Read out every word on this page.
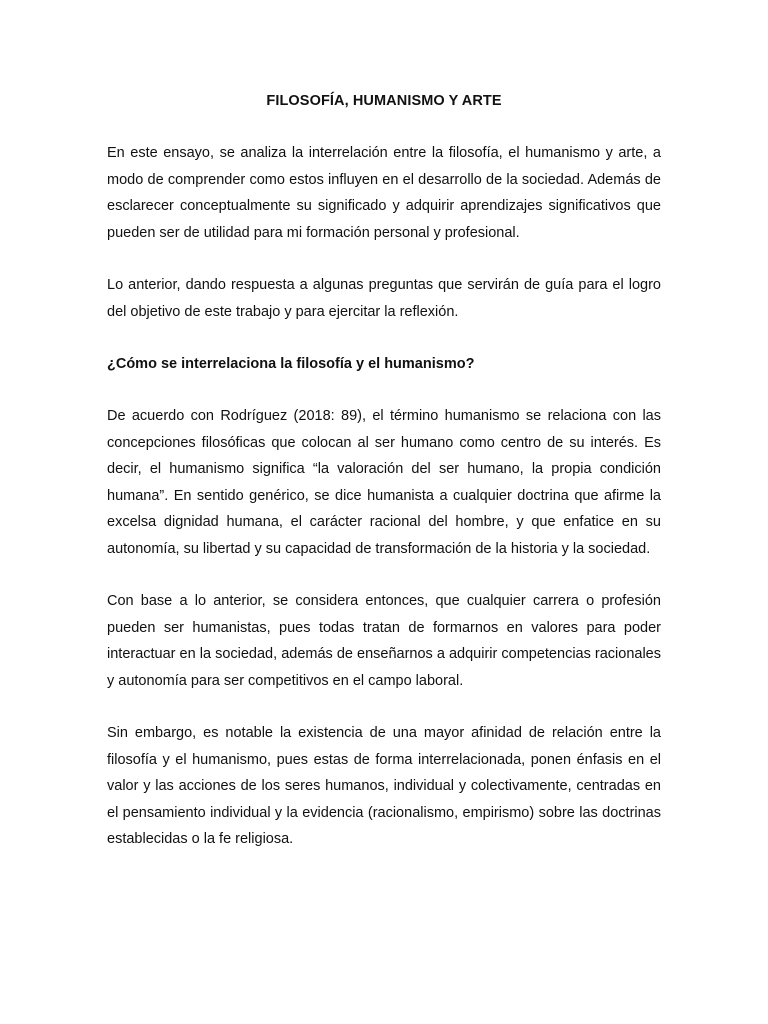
FILOSOFÍA, HUMANISMO Y ARTE

En este ensayo, se analiza la interrelación entre la filosofía, el humanismo y arte, a modo de comprender como estos influyen en el desarrollo de la sociedad. Además de esclarecer conceptualmente su significado y adquirir aprendizajes significativos que pueden ser de utilidad para mi formación personal y profesional.

Lo anterior, dando respuesta a algunas preguntas que servirán de guía para el logro del objetivo de este trabajo y para ejercitar la reflexión.

¿Cómo se interrelaciona la filosofía y el humanismo?

De acuerdo con Rodríguez (2018: 89), el término humanismo se relaciona con las concepciones filosóficas que colocan al ser humano como centro de su interés. Es decir, el humanismo significa “la valoración del ser humano, la propia condición humana”. En sentido genérico, se dice humanista a cualquier doctrina que afirme la excelsa dignidad humana, el carácter racional del hombre, y que enfatice en su autonomía, su libertad y su capacidad de transformación de la historia y la sociedad.

Con base a lo anterior, se considera entonces, que cualquier carrera o profesión pueden ser humanistas, pues todas tratan de formarnos en valores para poder interactuar en la sociedad, además de enseñarnos a adquirir competencias racionales y autonomía para ser competitivos en el campo laboral.

Sin embargo, es notable la existencia de una mayor afinidad de relación entre la filosofía y el humanismo, pues estas de forma interrelacionada, ponen énfasis en el valor y las acciones de los seres humanos, individual y colectivamente, centradas en el pensamiento individual y la evidencia (racionalismo, empirismo) sobre las doctrinas establecidas o la fe religiosa.
